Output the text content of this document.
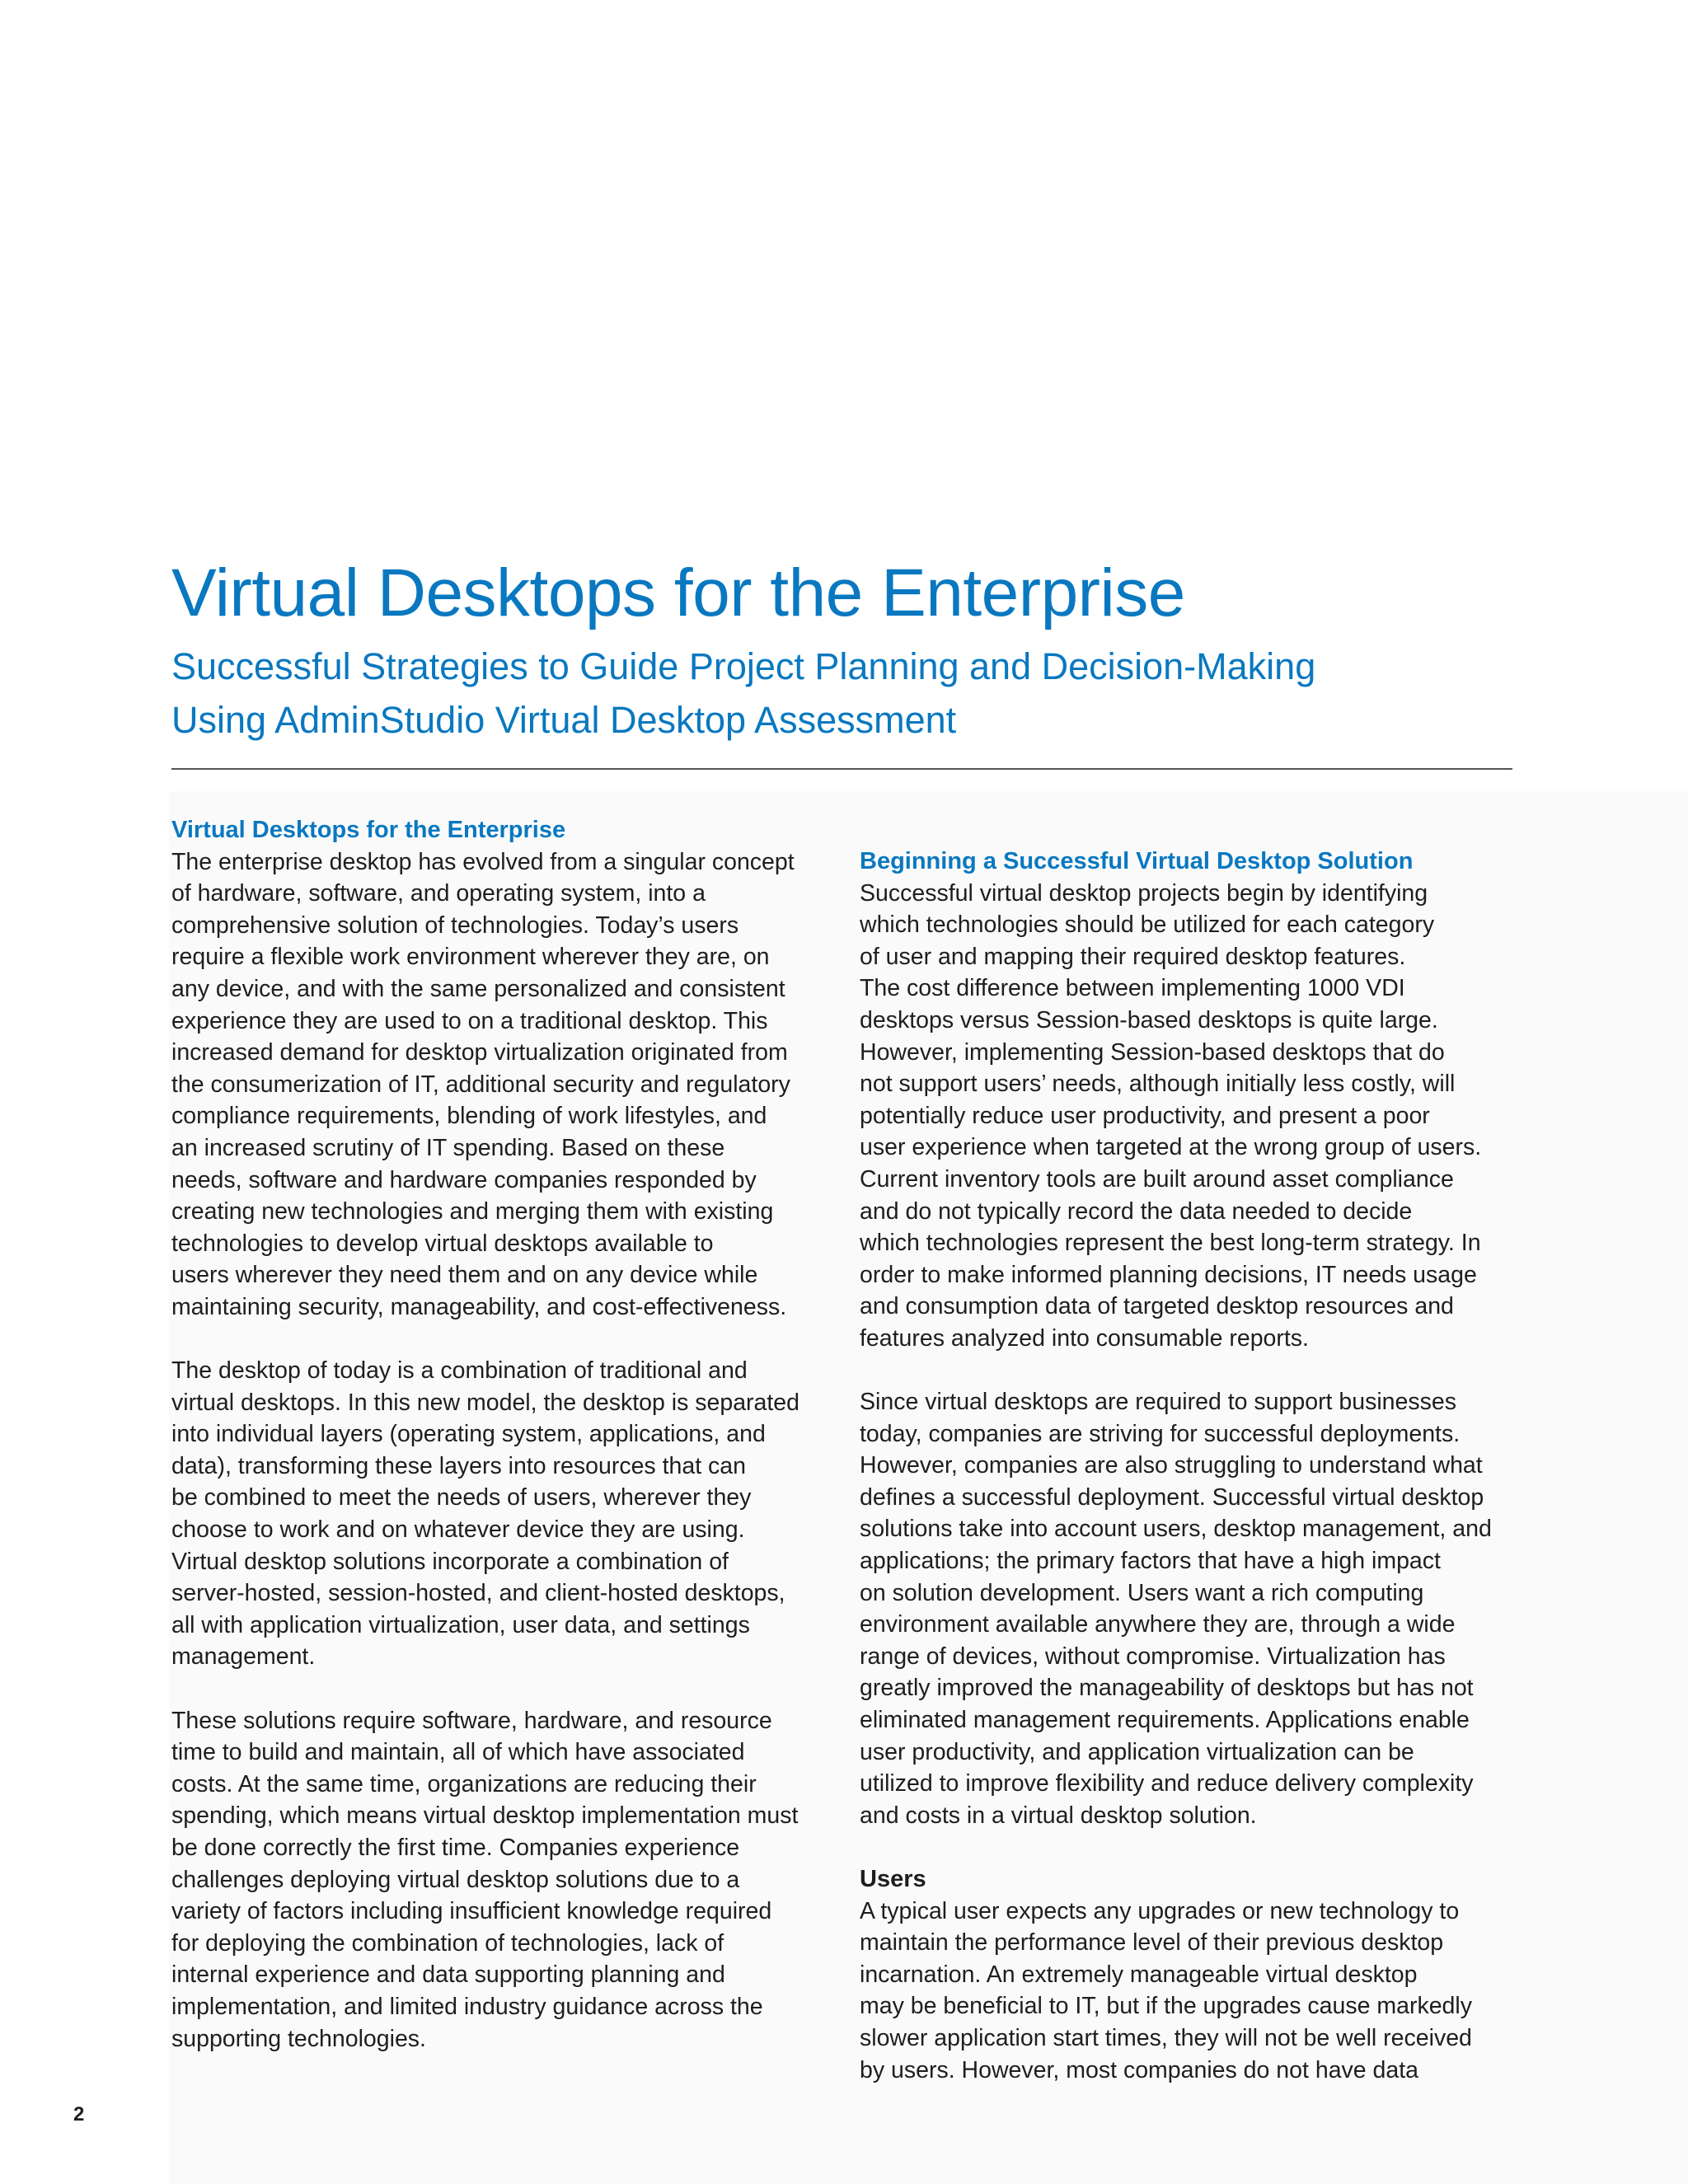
Virtual Desktops for the Enterprise
Successful Strategies to Guide Project Planning and Decision-Making
Using AdminStudio Virtual Desktop Assessment
Virtual Desktops for the Enterprise

The enterprise desktop has evolved from a singular concept
of hardware, software, and operating system, into a
comprehensive solution of technologies. Today’s users
require a flexible work environment wherever they are, on
any device, and with the same personalized and consistent
experience they are used to on a traditional desktop. This
increased demand for desktop virtualization originated from
the consumerization of IT, additional security and regulatory
compliance requirements, blending of work lifestyles, and
an increased scrutiny of IT spending. Based on these
needs, software and hardware companies responded by
creating new technologies and merging them with existing
technologies to develop virtual desktops available to
users wherever they need them and on any device while
maintaining security, manageability, and cost-effectiveness.

The desktop of today is a combination of traditional and
virtual desktops. In this new model, the desktop is separated
into individual layers (operating system, applications, and
data), transforming these layers into resources that can
be combined to meet the needs of users, wherever they
choose to work and on whatever device they are using.
Virtual desktop solutions incorporate a combination of
server-hosted, session-hosted, and client-hosted desktops,
all with application virtualization, user data, and settings
management.

These solutions require software, hardware, and resource
time to build and maintain, all of which have associated
costs. At the same time, organizations are reducing their
spending, which means virtual desktop implementation must
be done correctly the first time. Companies experience
challenges deploying virtual desktop solutions due to a
variety of factors including insufficient knowledge required
for deploying the combination of technologies, lack of
internal experience and data supporting planning and
implementation, and limited industry guidance across the
supporting technologies.

Beginning a Successful Virtual Desktop Solution

Successful virtual desktop projects begin by identifying
which technologies should be utilized for each category
of user and mapping their required desktop features.
The cost difference between implementing 1000 VDI
desktops versus Session-based desktops is quite large.
However, implementing Session-based desktops that do
not support users’ needs, although initially less costly, will
potentially reduce user productivity, and present a poor
user experience when targeted at the wrong group of users.
Current inventory tools are built around asset compliance
and do not typically record the data needed to decide
which technologies represent the best long-term strategy. In
order to make informed planning decisions, IT needs usage
and consumption data of targeted desktop resources and
features analyzed into consumable reports.

Since virtual desktops are required to support businesses
today, companies are striving for successful deployments.
However, companies are also struggling to understand what
defines a successful deployment. Successful virtual desktop
solutions take into account users, desktop management, and
applications; the primary factors that have a high impact
on solution development. Users want a rich computing
environment available anywhere they are, through a wide
range of devices, without compromise. Virtualization has
greatly improved the manageability of desktops but has not
eliminated management requirements. Applications enable
user productivity, and application virtualization can be
utilized to improve flexibility and reduce delivery complexity
and costs in a virtual desktop solution.

Users

A typical user expects any upgrades or new technology to
maintain the performance level of their previous desktop
incarnation. An extremely manageable virtual desktop
may be beneficial to IT, but if the upgrades cause markedly
slower application start times, they will not be well received
by users. However, most companies do not have data

2
